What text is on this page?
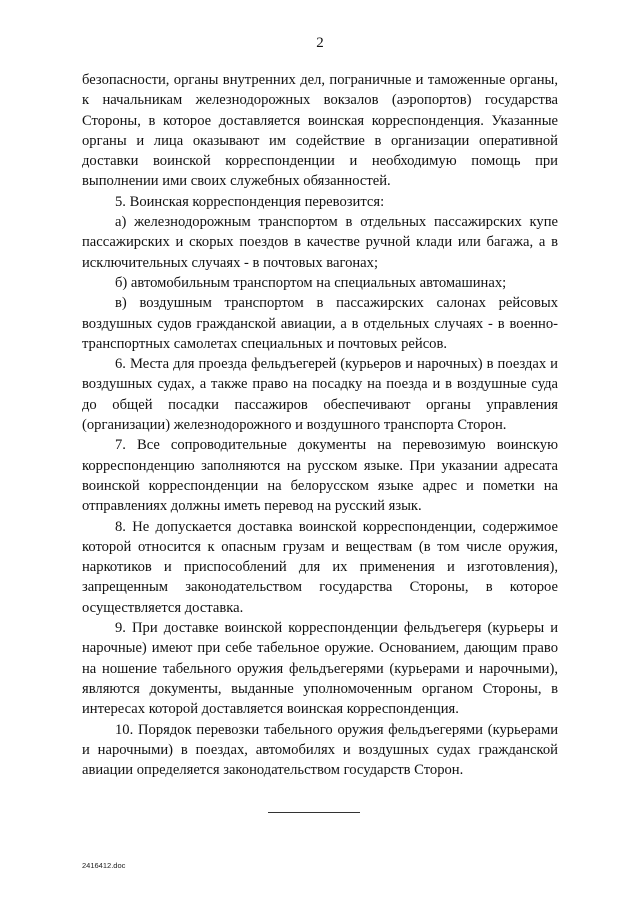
2

безопасности, органы внутренних дел, пограничные и таможенные органы, к начальникам железнодорожных вокзалов (аэропортов) государства Стороны, в которое доставляется воинская корреспонденция. Указанные органы и лица оказывают им содействие в организации оперативной доставки воинской корреспонденции и необходимую помощь при выполнении ими своих служебных обязанностей.

5. Воинская корреспонденция перевозится:

а) железнодорожным транспортом в отдельных пассажирских купе пассажирских и скорых поездов в качестве ручной клади или багажа, а в исключительных случаях - в почтовых вагонах;

б) автомобильным транспортом на специальных автомашинах;

в) воздушным транспортом в пассажирских салонах рейсовых воздушных судов гражданской авиации, а в отдельных случаях - в военно-транспортных самолетах специальных и почтовых рейсов.

6. Места для проезда фельдъегерей (курьеров и нарочных) в поездах и воздушных судах, а также право на посадку на поезда и в воздушные суда до общей посадки пассажиров обеспечивают органы управления (организации) железнодорожного и воздушного транспорта Сторон.

7. Все сопроводительные документы на перевозимую воинскую корреспонденцию заполняются на русском языке. При указании адресата воинской корреспонденции на белорусском языке адрес и пометки на отправлениях должны иметь перевод на русский язык.

8. Не допускается доставка воинской корреспонденции, содержимое которой относится к опасным грузам и веществам (в том числе оружия, наркотиков и приспособлений для их применения и изготовления), запрещенным законодательством государства Стороны, в которое осуществляется доставка.

9. При доставке воинской корреспонденции фельдъегеря (курьеры и нарочные) имеют при себе табельное оружие. Основанием, дающим право на ношение табельного оружия фельдъегерями (курьерами и нарочными), являются документы, выданные уполномоченным органом Стороны, в интересах которой доставляется воинская корреспонденция.

10. Порядок перевозки табельного оружия фельдъегерями (курьерами и нарочными) в поездах, автомобилях и воздушных судах гражданской авиации определяется законодательством государств Сторон.

2416412.doc
